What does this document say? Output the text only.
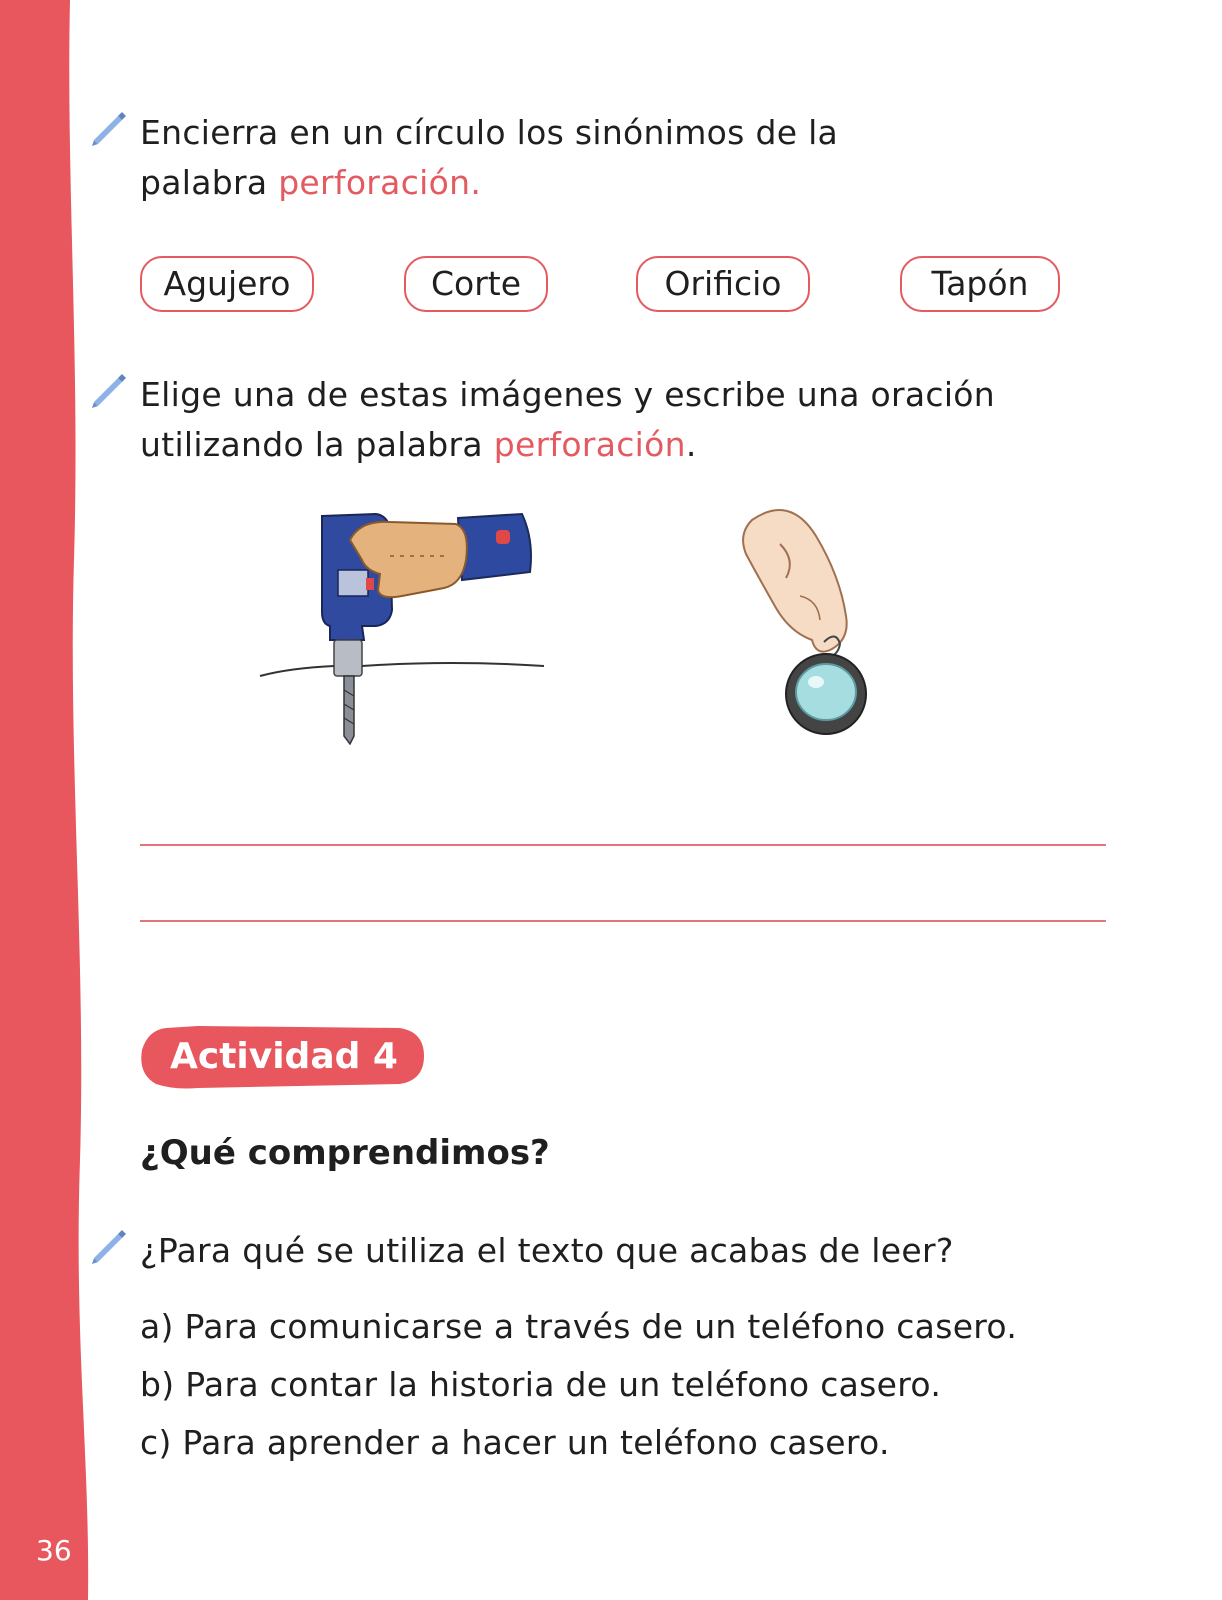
36
Encierra en un círculo los sinónimos de la
palabra perforación.
Agujero	Corte	Orificio	Tapón
Elige una de estas imágenes y escribe una oración
utilizando la palabra perforación.
Actividad 4
¿Qué comprendimos?
¿Para qué se utiliza el texto que acabas de leer?
a) Para comunicarse a través de un teléfono casero.
b) Para contar la historia de un teléfono casero.
c) Para aprender a hacer un teléfono casero.
